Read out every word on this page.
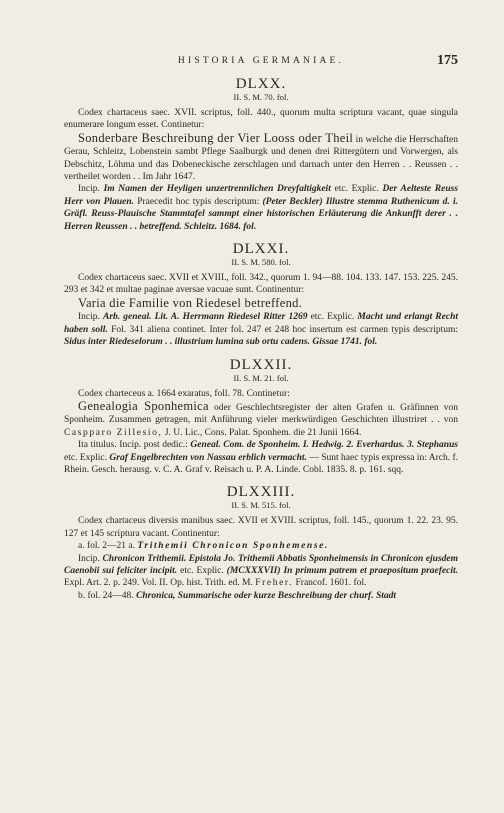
HISTORIA GERMANIAE.	175
DLXX.
II. S. M. 70. fol.

Codex chartaceus saec. XVII. scriptus, foll. 440., quorum multa scriptura vacant, quae singula enumerare longum esset. Continetur:

Sonderbare Beschreibung der Vier Looss oder Theil in welche die Herrschaften Gerau, Schleitz, Lobenstein sambt Pflege Saalburgk und denen drei Rittergütern und Vorwergen, als Debschitz, Löhma und das Dobeneckische zerschlagen und darnach unter den Herren . . Reussen . . vertheilet worden . . Im Jahr 1647.

Incip. Im Namen der Heyligen unzertrennlichen Dreyfaltigkeit etc. Explic. Der Aelteste Reuss Herr von Plauen. Praecedit hoc typis descriptum: (Peter Beckler) Illustre stemma Ruthenicum d. i. Gräfl. Reuss-Plauische Stammtafel sammpt einer historischen Erläuterung die Ankunfft derer . . Herren Reussen . . betreffend. Schleitz. 1684. fol.

DLXXI.
II. S. M. 580. fol.

Codex chartaceus saec. XVII et XVIII., foll. 342., quorum 1. 94—88. 104. 133. 147. 153. 225. 245. 293 et 342 et multae paginae aversae vacuae sunt. Continentur:

Varia die Familie von Riedesel betreffend.

Incip. Arb. geneal. Lit. A. Herrmann Riedesel Ritter 1269 etc. Explic. Macht und erlangt Recht haben soll. Fol. 341 aliena continet. Inter fol. 247 et 248 hoc insertum est carmen typis descriptum: Sidus inter Riedeselorum . . illustrium lumina sub ortu cadens. Gissae 1741. fol.

DLXXII.
II. S. M. 21. fol.

Codex charteceus a. 1664 exaratus, foll. 78. Continetur:

Genealogia Sponhemica oder Geschlechtsregister der alten Grafen u. Gräfinnen von Sponheim. Zusammen getragen, mit Anführung vieler merkwürdigen Geschichten illustriret . . von Caspparo Zillesio, J. U. Lic., Cons. Palat. Sponhem. die 21 Junii 1664.

Ita titulus. Incip. post dedic.: Geneal. Com. de Sponheim. I. Hedwig. 2. Everhardus. 3. Stephanus etc. Explic. Graf Engelbrechten von Nassau erblich vermacht. — Sunt haec typis expressa in: Arch. f. Rhein. Gesch. herausg. v. C. A. Graf v. Reisach u. P. A. Linde. Cobl. 1835. 8. p. 161. sqq.

DLXXIII.
II. S. M. 515. fol.

Codex chartaceus diversis manibus saec. XVII et XVIII. scriptus, foll. 145., quorum 1. 22. 23. 95. 127 et 145 scriptura vacant. Continentur:

a. fol. 2—21 a. Trithemii Chronicon Sponhemense.

Incip. Chronicon Trithemii. Epistola Jo. Trithemii Abbatis Sponheimensis in Chronicon ejusdem Caenobii sui feliciter incipit. etc. Explic. (MCXXXVII) In primum patrem et praepositum praefecit. Expl. Art. 2. p. 249. Vol. II. Op. hist. Trith. ed. M. Freher. Francof. 1601. fol.

b. fol. 24—48. Chronica, Summarische oder kurze Beschreibung der churf. Stadt
